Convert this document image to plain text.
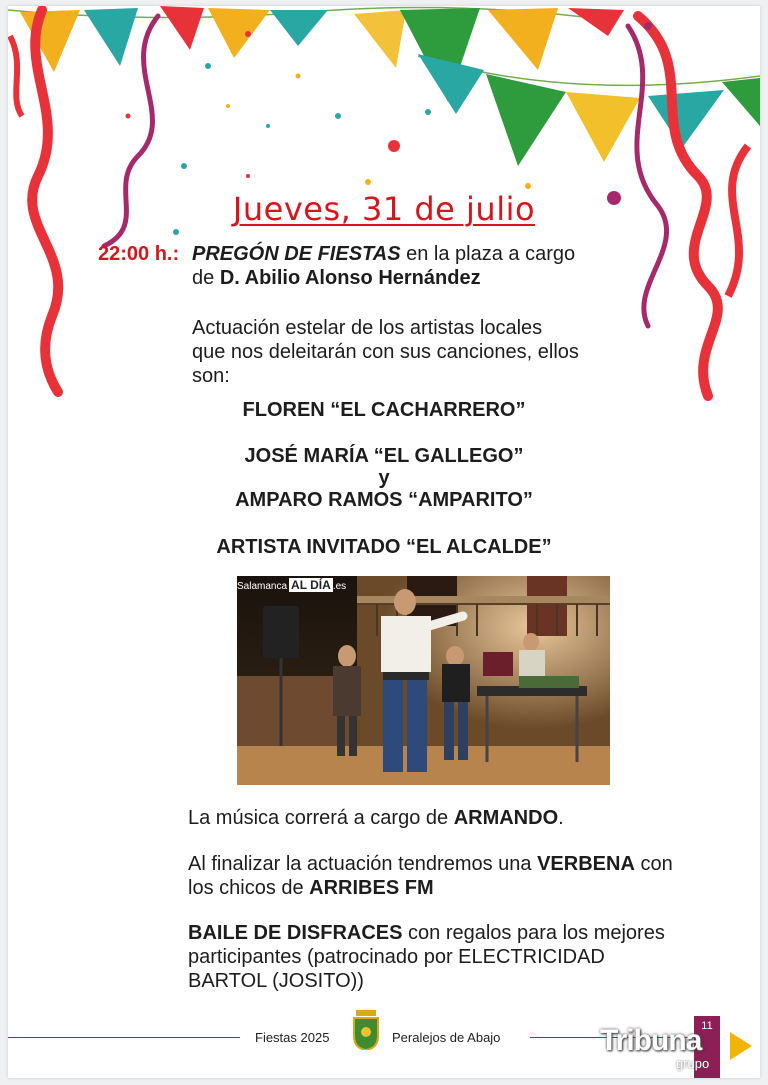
Jueves, 31 de julio
22:00 h.: PREGÓN DE FIESTAS en la plaza a cargo
de D. Abilio Alonso Hernández
Actuación estelar de los artistas locales
que nos deleitarán con sus canciones, ellos
son:
FLOREN “EL CACHARRERO”
JOSÉ MARÍA “EL GALLEGO”
y
AMPARO RAMOS “AMPARITO”
ARTISTA INVITADO “EL ALCALDE”
Salamanca AL DÍA .es
La música correrá a cargo de ARMANDO.
Al finalizar la actuación tendremos una VERBENA con
los chicos de ARRIBES FM
BAILE DE DISFRACES con regalos para los mejores
participantes (patrocinado por ELECTRICIDAD
BARTOL (JOSITO))
Fiestas 2025	Peralejos de Abajo
11
Tribuna
grupo
